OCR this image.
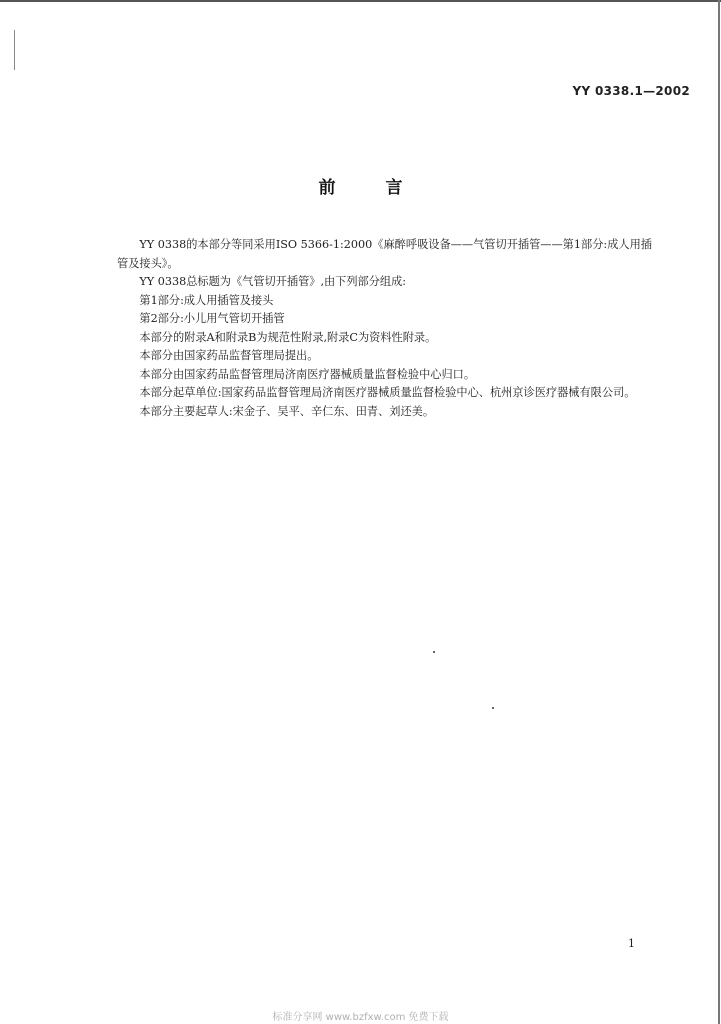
YY 0338.1—2002
前 言

YY 0338的本部分等同采用ISO 5366-1:2000《麻醉呼吸设备——气管切开插管——第1部分:成人用插管及接头》。

YY 0338总标题为《气管切开插管》,由下列部分组成:

第1部分:成人用插管及接头

第2部分:小儿用气管切开插管

本部分的附录A和附录B为规范性附录,附录C为资料性附录。

本部分由国家药品监督管理局提出。

本部分由国家药品监督管理局济南医疗器械质量监督检验中心归口。

本部分起草单位:国家药品监督管理局济南医疗器械质量监督检验中心、杭州京诊医疗器械有限公司。

本部分主要起草人:宋金子、吴平、辛仁东、田青、刘还美。

1
标准分享网 www.bzfxw.com 免费下载
